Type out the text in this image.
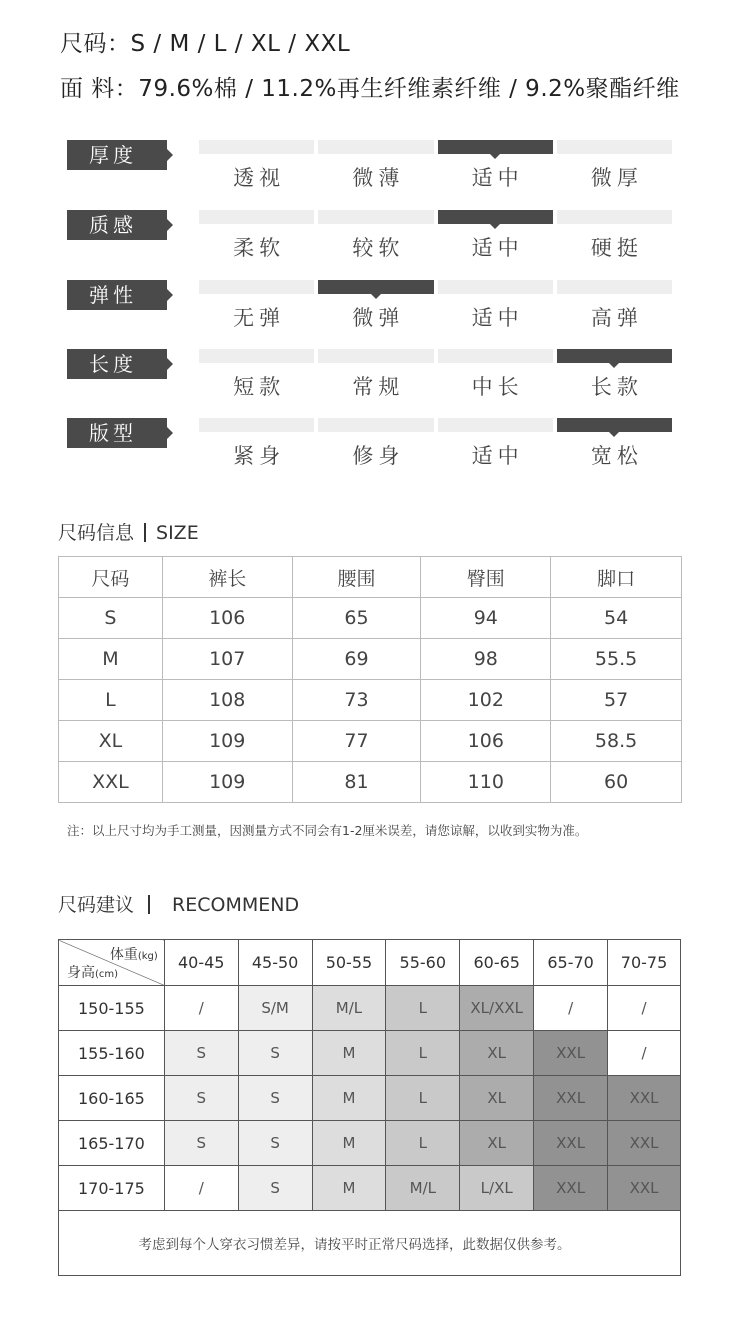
尺码：S / M / L / XL / XXL
面 料：79.6%棉 / 11.2%再生纤维素纤维 / 9.2%聚酯纤维
厚度
透视	微薄	适中	微厚
质感
柔软	较软	适中	硬挺
弹性
无弹	微弹	适中	高弹
长度
短款	常规	中长	长款
版型
紧身	修身	适中	宽松
尺码信息 SIZE
尺码	裤长	腰围	臀围	脚口
S	106	65	94	54
M	107	69	98	55.5
L	108	73	102	57
XL	109	77	106	58.5
XXL	109	81	110	60
注：以上尺寸均为手工测量，因测量方式不同会有1-2厘米误差，请您谅解，以收到实物为准。
尺码建议 RECOMMEND
体重(kg)
身高(cm)	40-45	45-50	50-55	55-60	60-65	65-70	70-75
150-155	/	S/M	M/L	L	XL/XXL	/	/
155-160	S	S	M	L	XL	XXL	/
160-165	S	S	M	L	XL	XXL	XXL
165-170	S	S	M	L	XL	XXL	XXL
170-175	/	S	M	M/L	L/XL	XXL	XXL
考虑到每个人穿衣习惯差异，请按平时正常尺码选择，此数据仅供参考。							
